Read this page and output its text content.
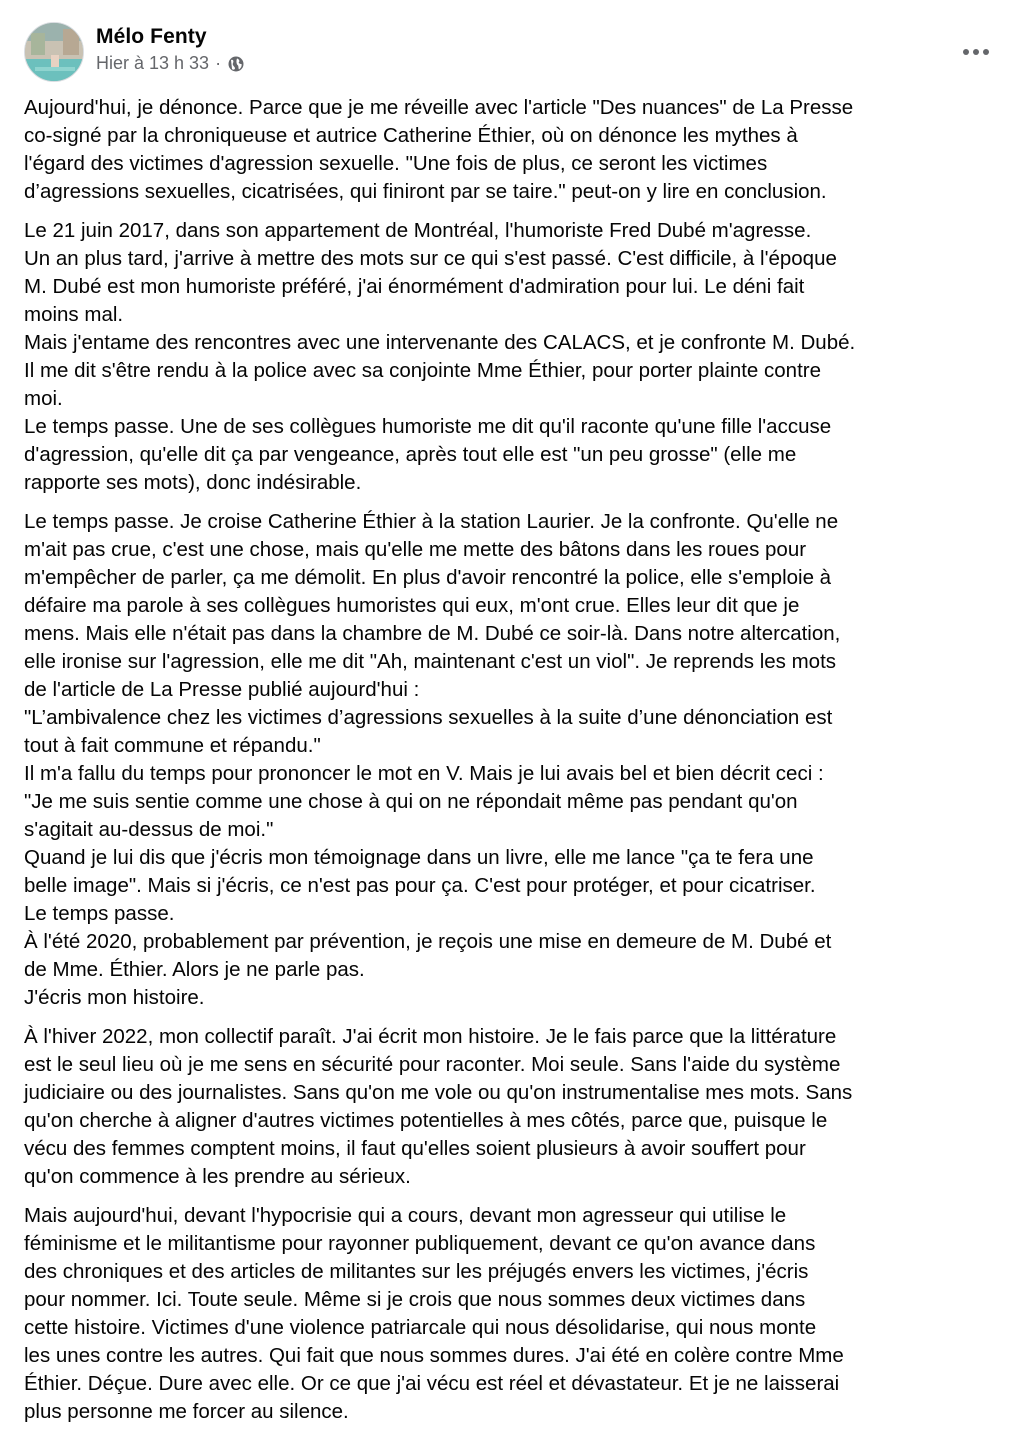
Mélo Fenty
Hier à 13 h 33 ·

Aujourd'hui, je dénonce. Parce que je me réveille avec l'article "Des nuances" de La Presse
co-signé par la chroniqueuse et autrice Catherine Éthier, où on dénonce les mythes à
l'égard des victimes d'agression sexuelle. "Une fois de plus, ce seront les victimes
d’agressions sexuelles, cicatrisées, qui finiront par se taire." peut-on y lire en conclusion.

Le 21 juin 2017, dans son appartement de Montréal, l'humoriste Fred Dubé m'agresse.
Un an plus tard, j'arrive à mettre des mots sur ce qui s'est passé. C'est difficile, à l'époque
M. Dubé est mon humoriste préféré, j'ai énormément d'admiration pour lui. Le déni fait
moins mal.
Mais j'entame des rencontres avec une intervenante des CALACS, et je confronte M. Dubé.
Il me dit s'être rendu à la police avec sa conjointe Mme Éthier, pour porter plainte contre
moi.
Le temps passe. Une de ses collègues humoriste me dit qu'il raconte qu'une fille l'accuse
d'agression, qu'elle dit ça par vengeance, après tout elle est "un peu grosse" (elle me
rapporte ses mots), donc indésirable.

Le temps passe. Je croise Catherine Éthier à la station Laurier. Je la confronte. Qu'elle ne
m'ait pas crue, c'est une chose, mais qu'elle me mette des bâtons dans les roues pour
m'empêcher de parler, ça me démolit. En plus d'avoir rencontré la police, elle s'emploie à
défaire ma parole à ses collègues humoristes qui eux, m'ont crue. Elles leur dit que je
mens. Mais elle n'était pas dans la chambre de M. Dubé ce soir-là. Dans notre altercation,
elle ironise sur l'agression, elle me dit "Ah, maintenant c'est un viol". Je reprends les mots
de l'article de La Presse publié aujourd'hui :
"L’ambivalence chez les victimes d’agressions sexuelles à la suite d’une dénonciation est
tout à fait commune et répandu."
Il m'a fallu du temps pour prononcer le mot en V. Mais je lui avais bel et bien décrit ceci :
"Je me suis sentie comme une chose à qui on ne répondait même pas pendant qu'on
s'agitait au-dessus de moi."
Quand je lui dis que j'écris mon témoignage dans un livre, elle me lance "ça te fera une
belle image". Mais si j'écris, ce n'est pas pour ça. C'est pour protéger, et pour cicatriser.
Le temps passe.
À l'été 2020, probablement par prévention, je reçois une mise en demeure de M. Dubé et
de Mme. Éthier. Alors je ne parle pas.
J'écris mon histoire.

À l'hiver 2022, mon collectif paraît. J'ai écrit mon histoire. Je le fais parce que la littérature
est le seul lieu où je me sens en sécurité pour raconter. Moi seule. Sans l'aide du système
judiciaire ou des journalistes. Sans qu'on me vole ou qu'on instrumentalise mes mots. Sans
qu'on cherche à aligner d'autres victimes potentielles à mes côtés, parce que, puisque le
vécu des femmes comptent moins, il faut qu'elles soient plusieurs à avoir souffert pour
qu'on commence à les prendre au sérieux.

Mais aujourd'hui, devant l'hypocrisie qui a cours, devant mon agresseur qui utilise le
féminisme et le militantisme pour rayonner publiquement, devant ce qu'on avance dans
des chroniques et des articles de militantes sur les préjugés envers les victimes, j'écris
pour nommer. Ici. Toute seule. Même si je crois que nous sommes deux victimes dans
cette histoire. Victimes d'une violence patriarcale qui nous désolidarise, qui nous monte
les unes contre les autres. Qui fait que nous sommes dures. J'ai été en colère contre Mme
Éthier. Déçue. Dure avec elle. Or ce que j'ai vécu est réel et dévastateur. Et je ne laisserai
plus personne me forcer au silence.
